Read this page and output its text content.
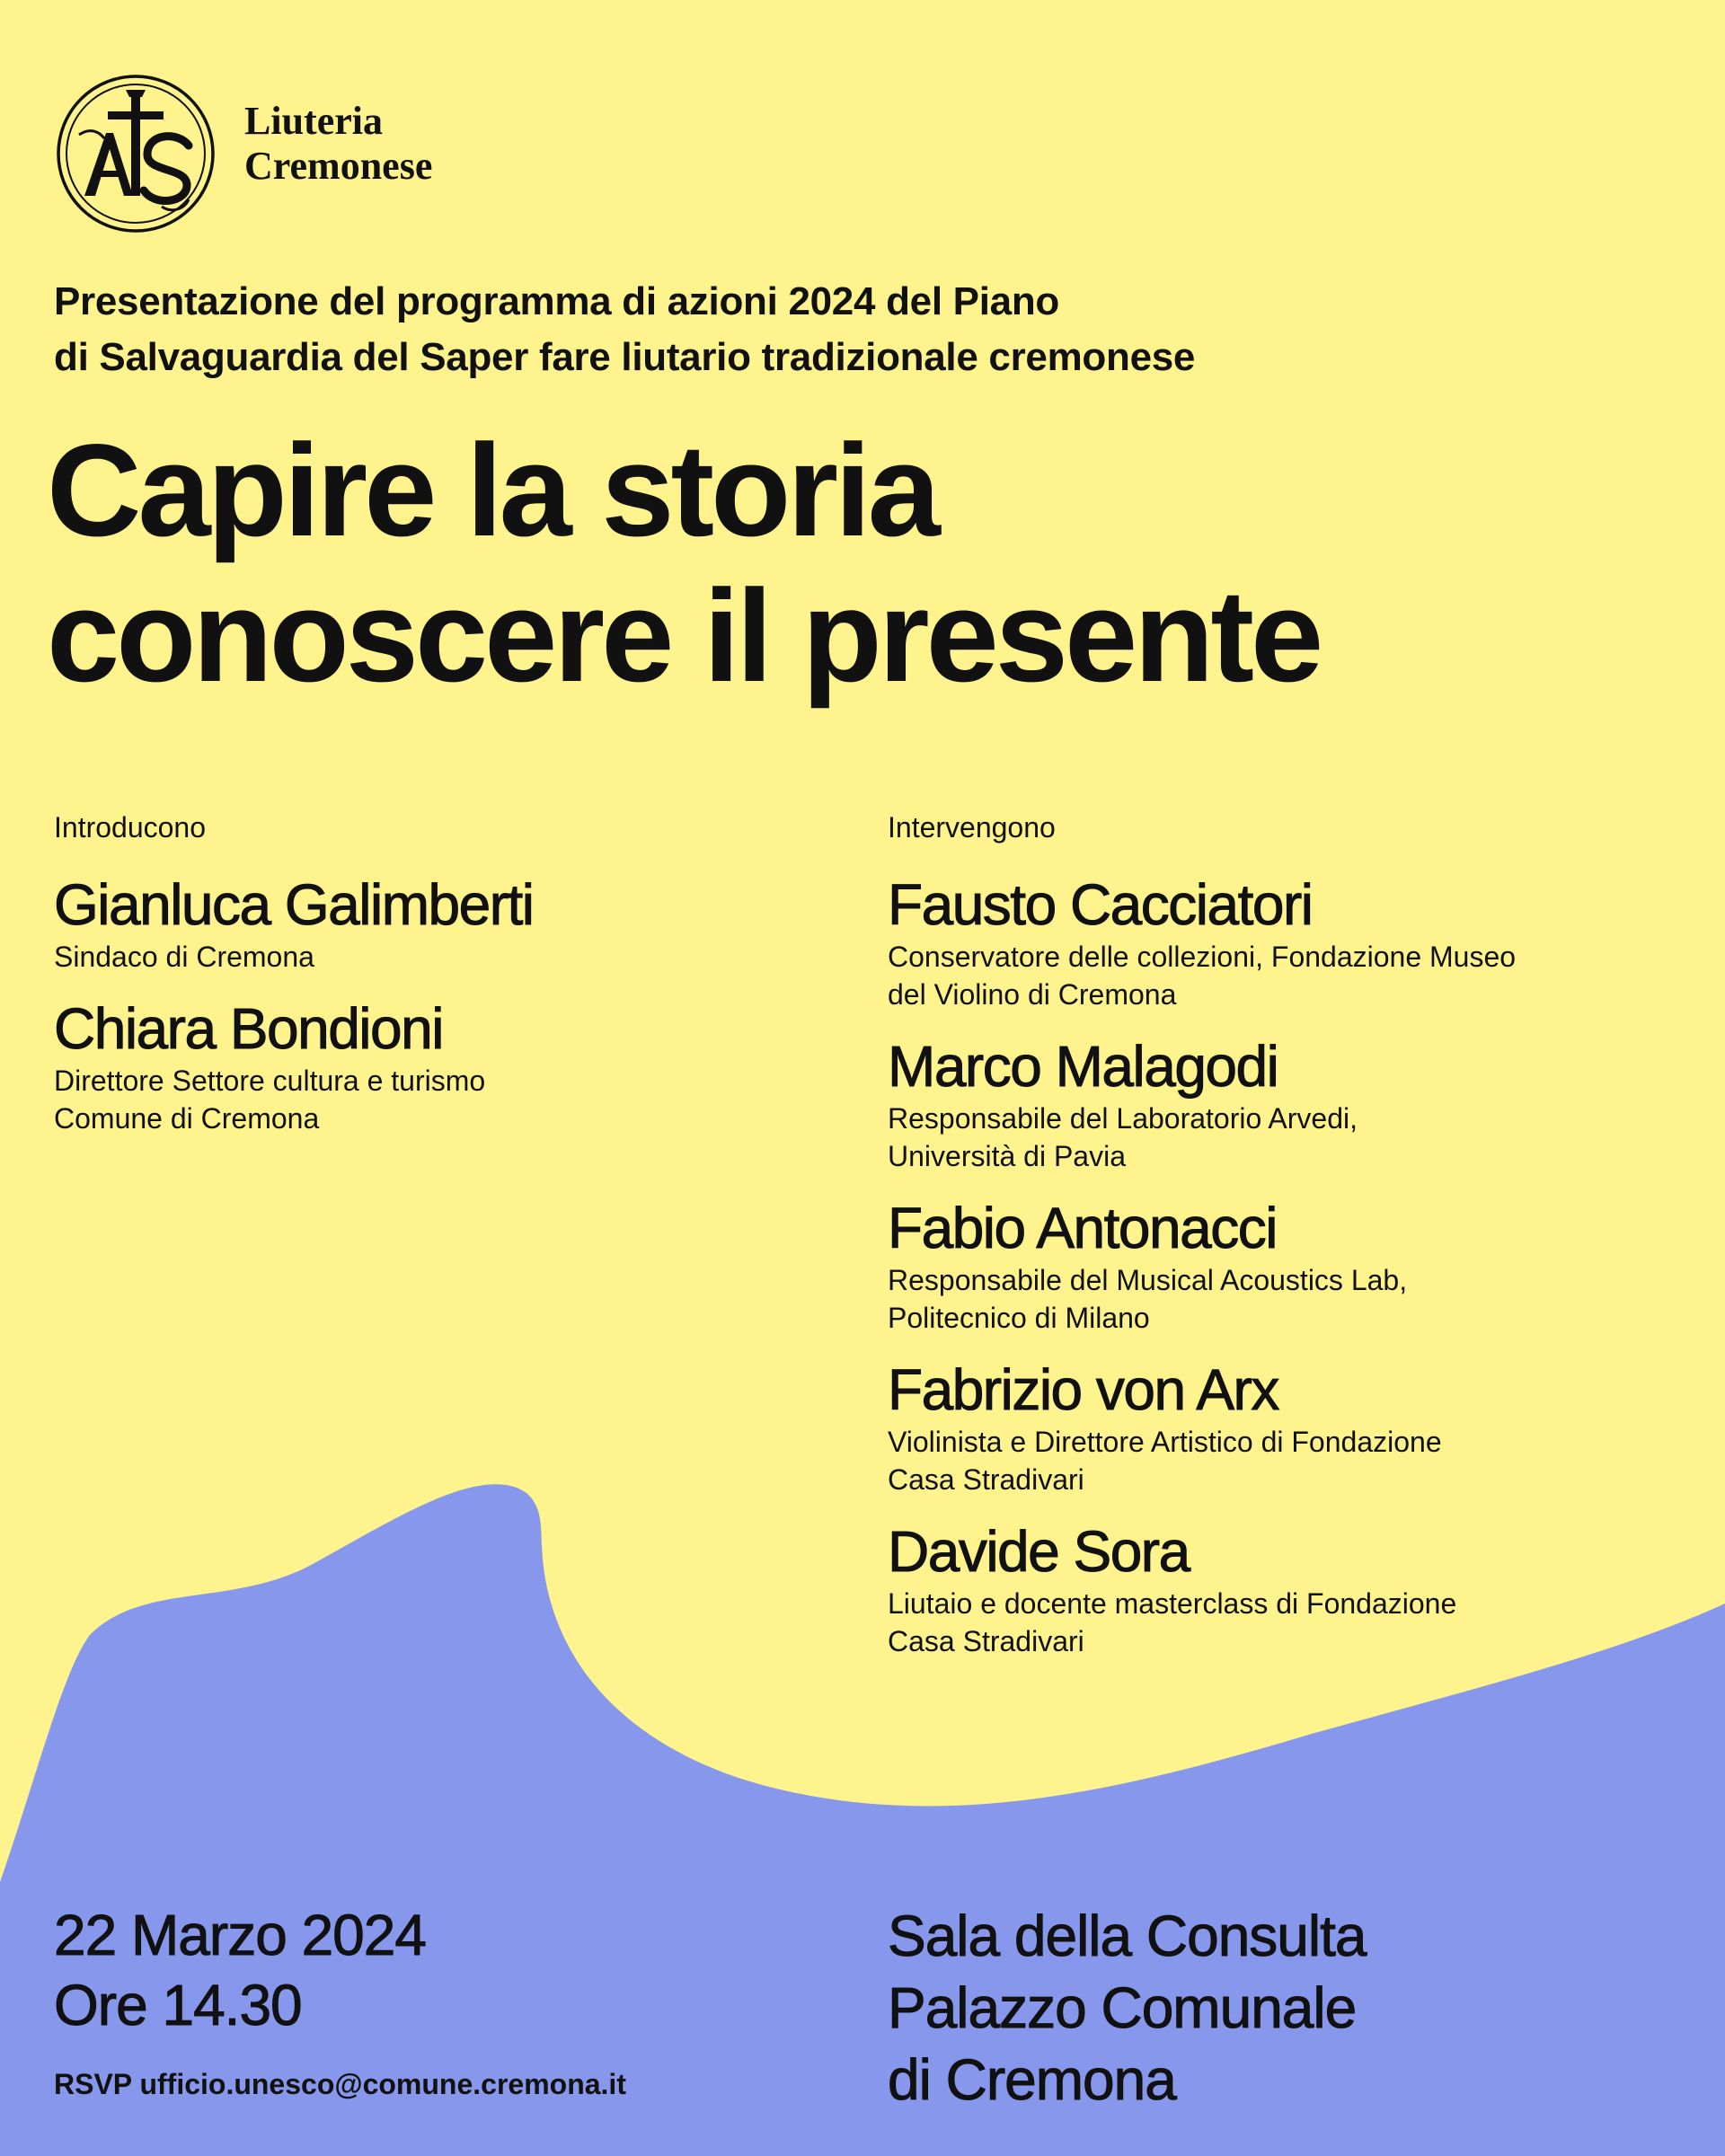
Liuteria
Cremonese
Presentazione del programma di azioni 2024 del Piano
di Salvaguardia del Saper fare liutario tradizionale cremonese
Capire la storia
conoscere il presente
Introducono
Gianluca Galimberti
Sindaco di Cremona
Chiara Bondioni
Direttore Settore cultura e turismo
Comune di Cremona
Intervengono
Fausto Cacciatori
Conservatore delle collezioni, Fondazione Museo
del Violino di Cremona
Marco Malagodi
Responsabile del Laboratorio Arvedi,
Università di Pavia
Fabio Antonacci
Responsabile del Musical Acoustics Lab,
Politecnico di Milano
Fabrizio von Arx
Violinista e Direttore Artistico di Fondazione
Casa Stradivari
Davide Sora
Liutaio e docente masterclass di Fondazione
Casa Stradivari
22 Marzo 2024
Ore 14.30
RSVP ufficio.unesco@comune.cremona.it
Sala della Consulta
Palazzo Comunale
di Cremona
